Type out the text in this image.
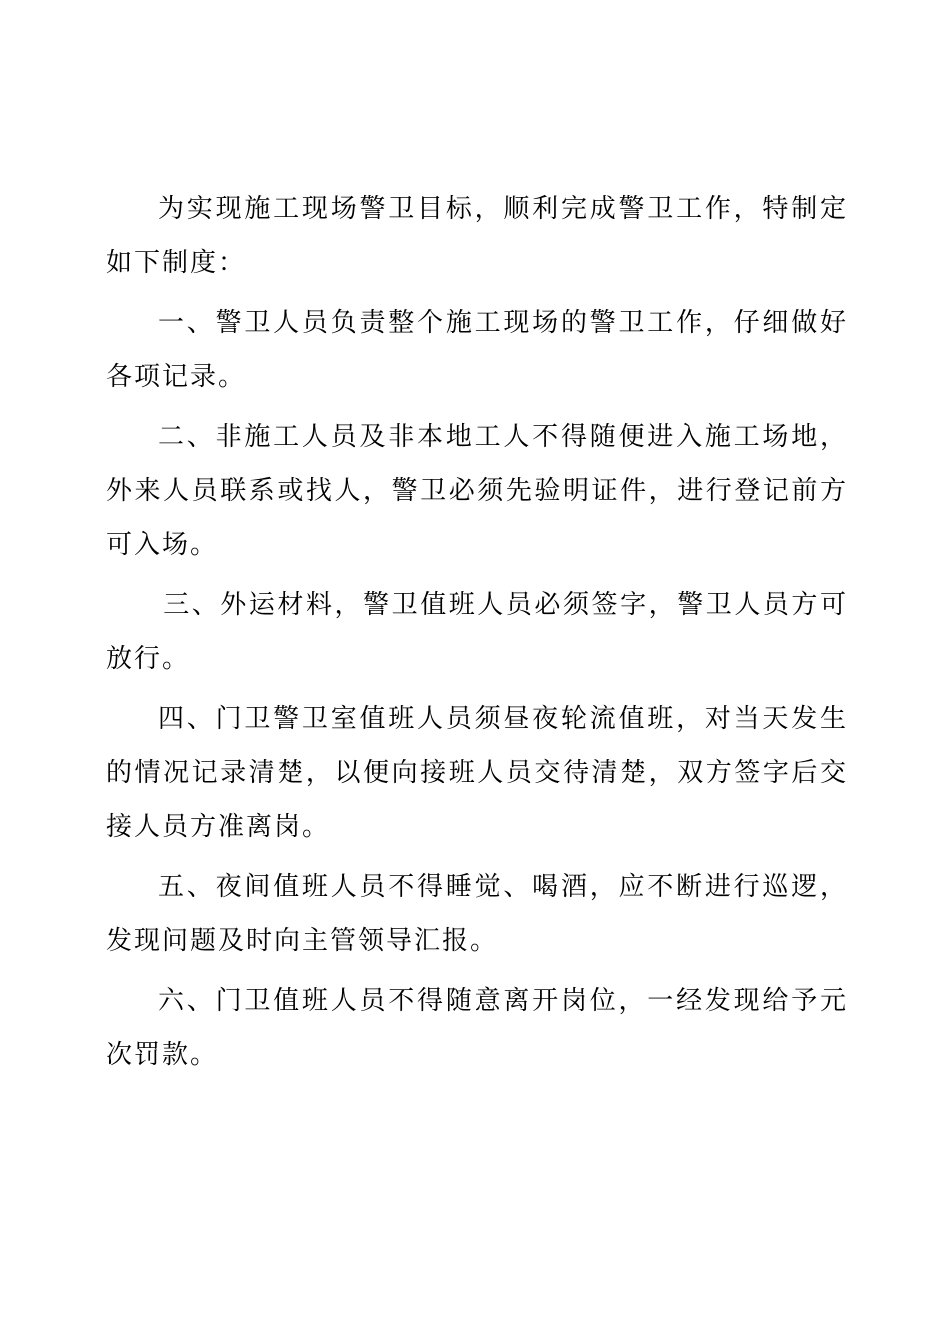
为实现施工现场警卫目标，顺利完成警卫工作，特制定如下制度：

一、警卫人员负责整个施工现场的警卫工作，仔细做好各项记录。

二、非施工人员及非本地工人不得随便进入施工场地，外来人员联系或找人，警卫必须先验明证件，进行登记前方可入场。

三、外运材料，警卫值班人员必须签字，警卫人员方可放行。

四、门卫警卫室值班人员须昼夜轮流值班，对当天发生的情况记录清楚，以便向接班人员交待清楚，双方签字后交接人员方准离岗。

五、夜间值班人员不得睡觉、喝酒，应不断进行巡逻，发现问题及时向主管领导汇报。

六、门卫值班人员不得随意离开岗位，一经发现给予元次罚款。
